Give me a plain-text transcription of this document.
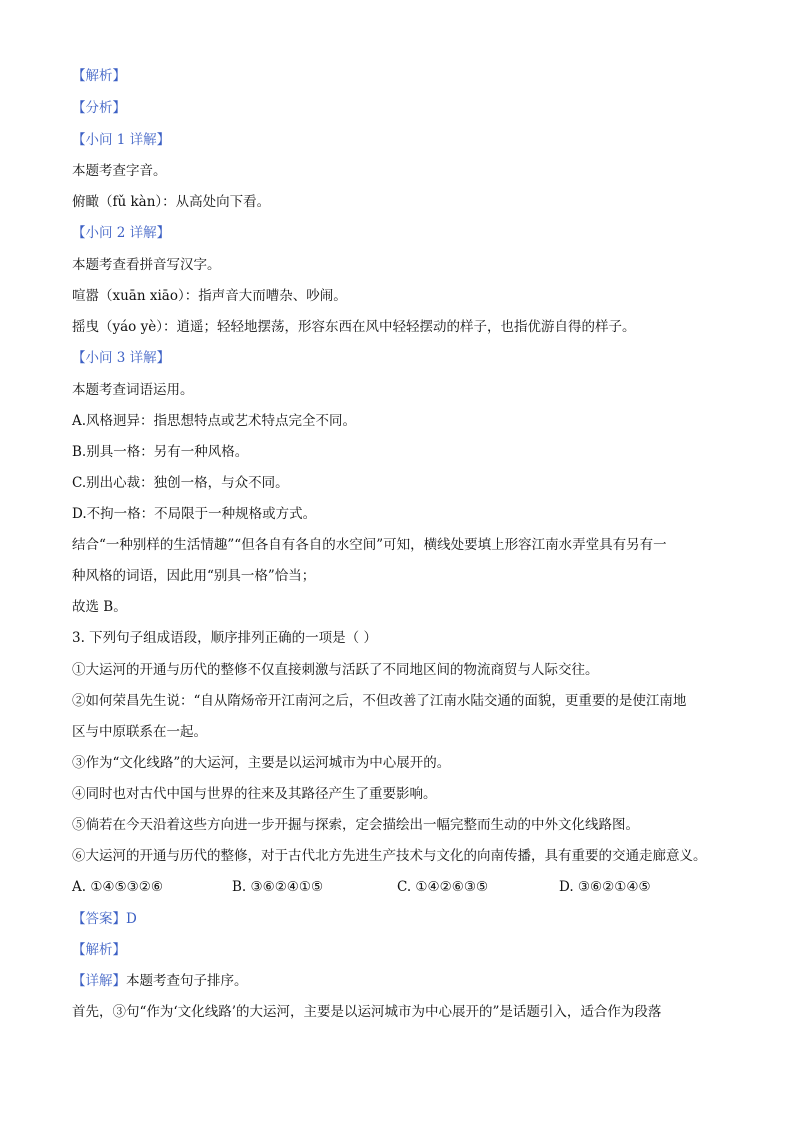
【解析】
【分析】
【小问 1 详解】
本题考查字音。
俯瞰（fǔ kàn）：从高处向下看。
【小问 2 详解】
本题考查看拼音写汉字。
喧嚣（xuān xiāo）：指声音大而嘈杂、吵闹。
摇曳（yáo yè）：逍遥；轻轻地摆荡，形容东西在风中轻轻摆动的样子，也指优游自得的样子。
【小问 3 详解】
本题考查词语运用。
A.风格迥异：指思想特点或艺术特点完全不同。
B.别具一格：另有一种风格。
C.别出心裁：独创一格，与众不同。
D.不拘一格：不局限于一种规格或方式。
结合“一种别样的生活情趣”“但各自有各自的水空间”可知，横线处要填上形容江南水弄堂具有另有一
种风格的词语，因此用“别具一格”恰当；
故选 B。
3. 下列句子组成语段，顺序排列正确的一项是（ ）
①大运河的开通与历代的整修不仅直接刺激与活跃了不同地区间的物流商贸与人际交往。
②如何荣昌先生说：“自从隋炀帝开江南河之后，不但改善了江南水陆交通的面貌，更重要的是使江南地
区与中原联系在一起。
③作为“文化线路”的大运河，主要是以运河城市为中心展开的。
④同时也对古代中国与世界的往来及其路径产生了重要影响。
⑤倘若在今天沿着这些方向进一步开掘与探索，定会描绘出一幅完整而生动的中外文化线路图。
⑥大运河的开通与历代的整修，对于古代北方先进生产技术与文化的向南传播，具有重要的交通走廊意义。
A. ①④⑤③②⑥	B. ③⑥②④①⑤	C. ①④②⑥③⑤	D. ③⑥②①④⑤
【答案】D
【解析】
【详解】本题考查句子排序。
首先，③句“作为‘文化线路’的大运河，主要是以运河城市为中心展开的”是话题引入，适合作为段落
